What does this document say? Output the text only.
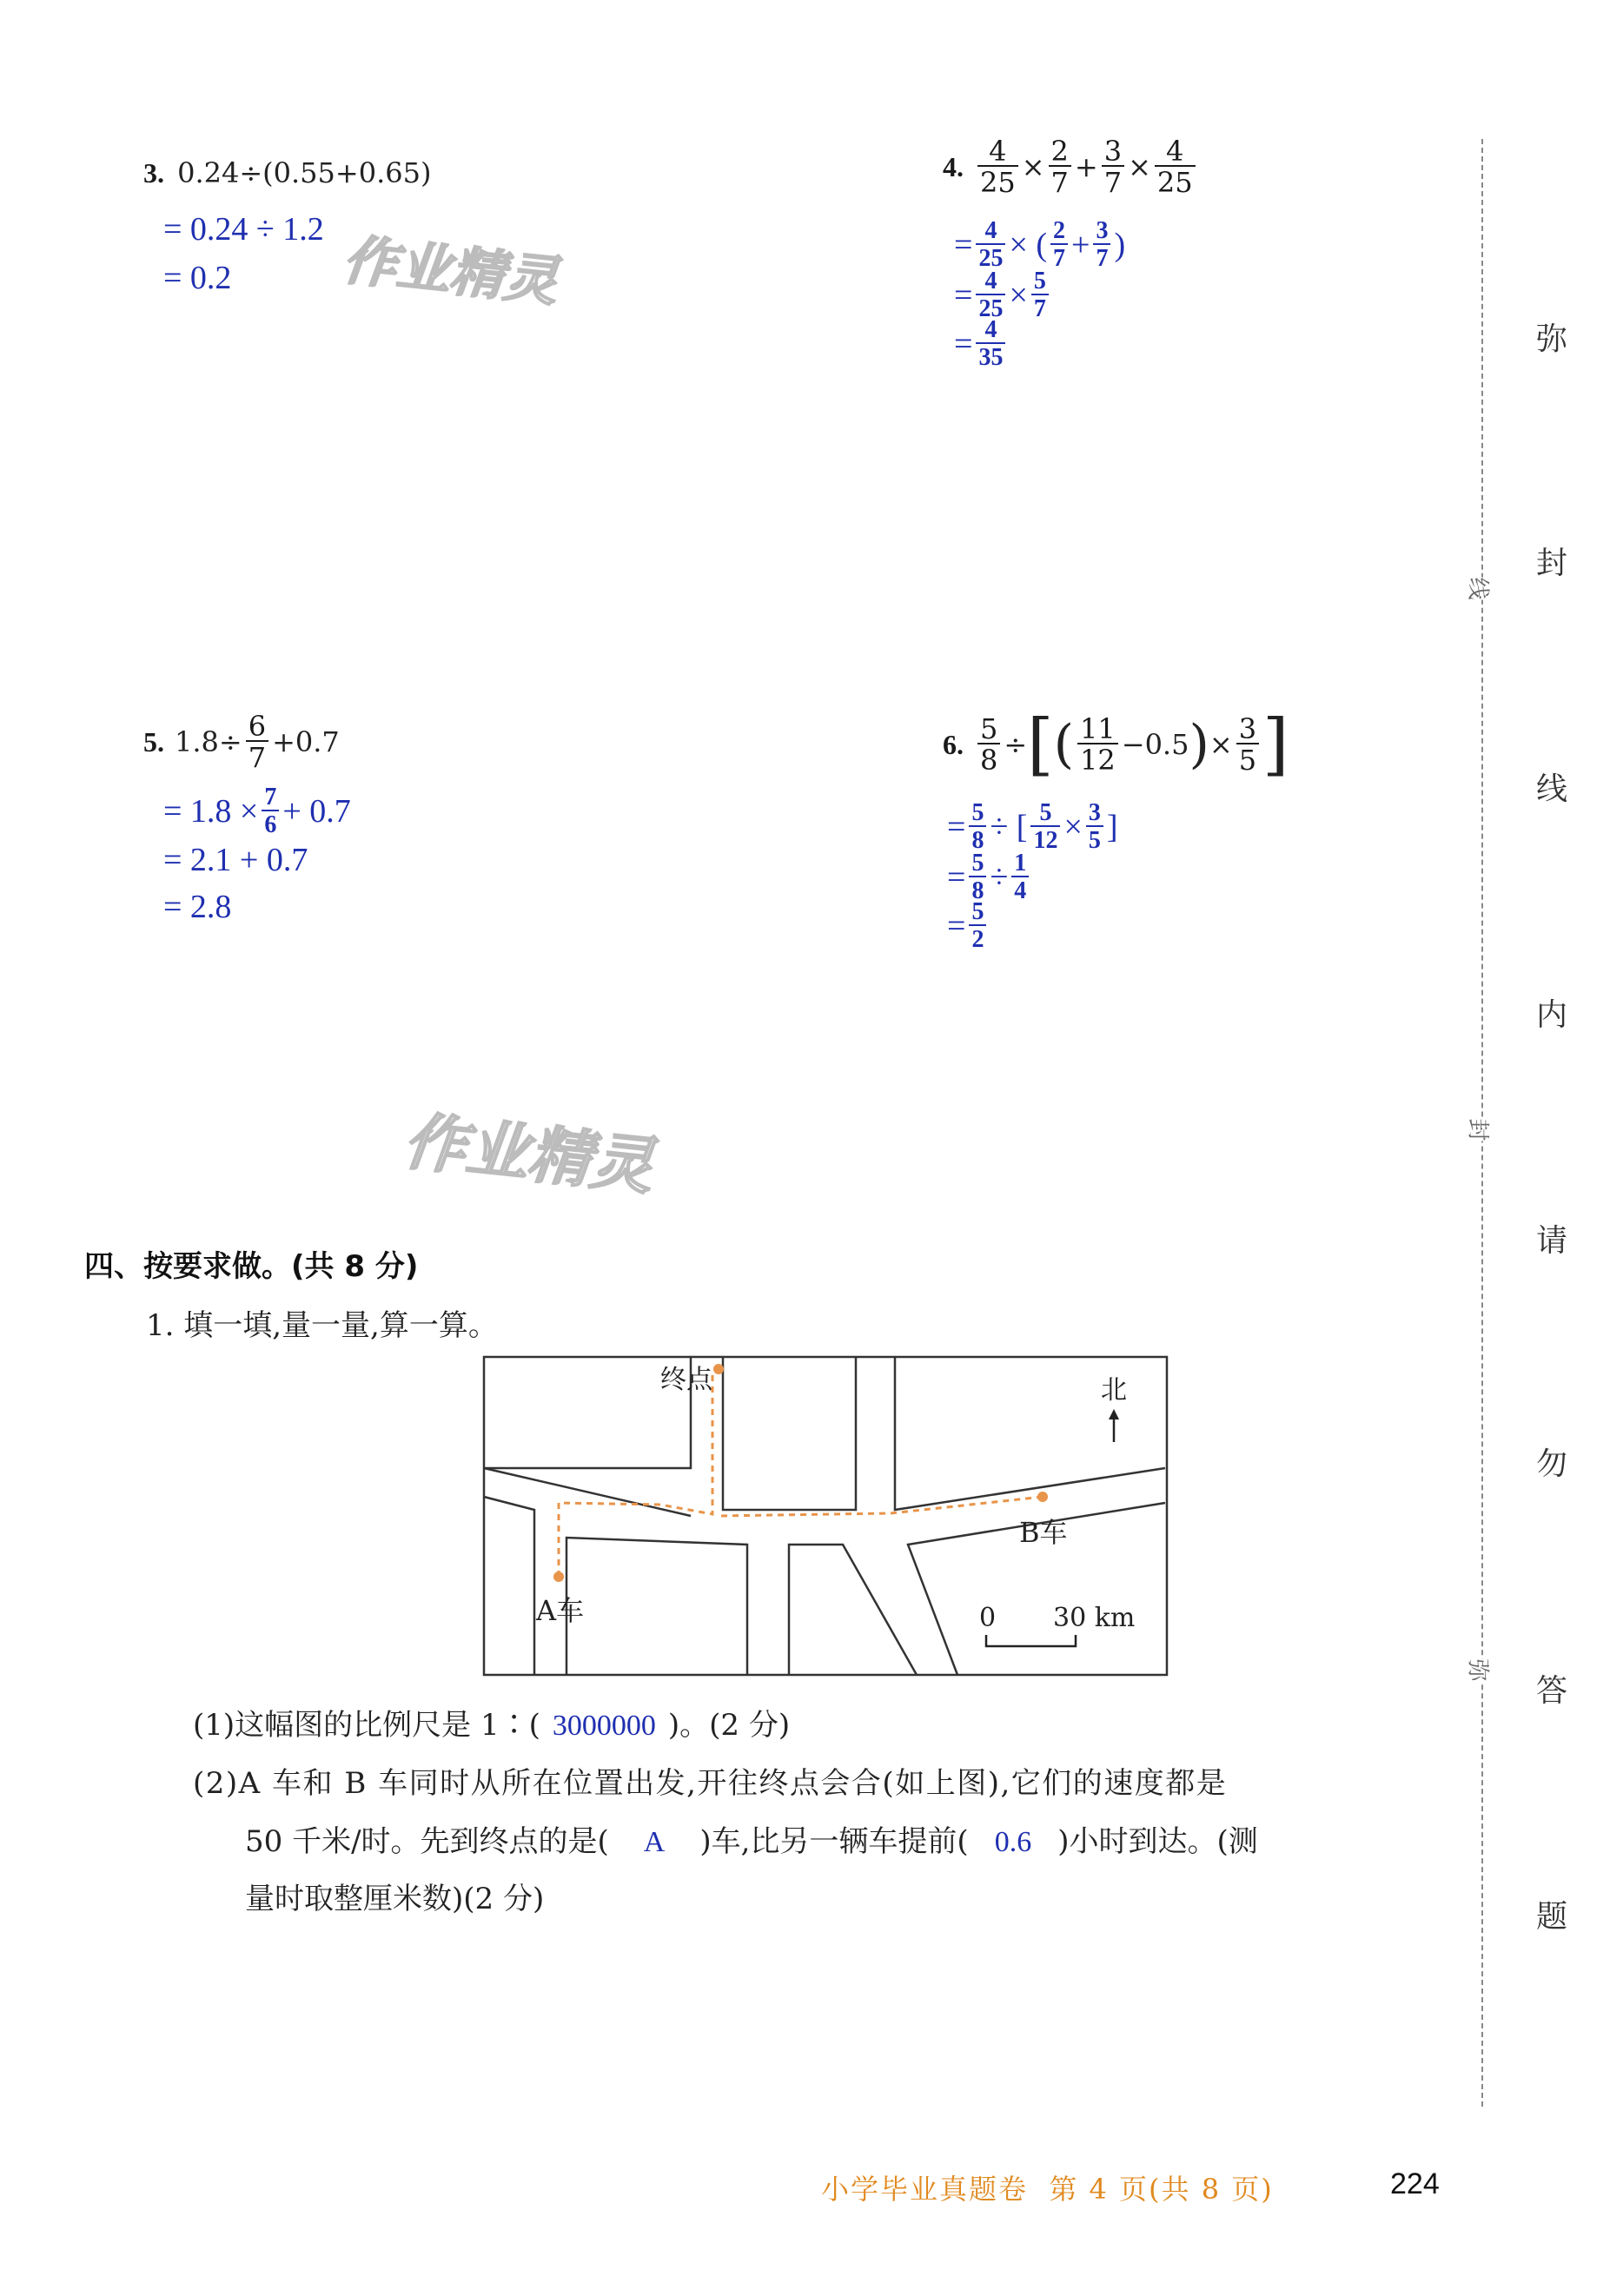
作业精灵
作业精灵
3. 0.24÷(0.55+0.65)
= 0.24 ÷ 1.2
= 0.2
4. $\frac{4}{25} \times \frac{2}{7} + \frac{3}{7} \times \frac{4}{25}$
= $\frac{4}{25}$ × ( $\frac{2}{7} + \frac{3}{7}$ )
= $\frac{4}{25} \times \frac{5}{7}$
= $\frac{4}{35}$
5. $1.8\div \frac{6}{7} +0.7$
= $1.8 \times \frac{7}{6} + 0.7$
= 2.1 + 0.7
= 2.8
6. $\frac{5}{8}$ ÷ [ ( $\frac{11}{12} -0.5$ ) × $\frac{3}{5}$ ]
= $\frac{5}{8}$ ÷ [ $\frac{5}{12} \times \frac{3}{5}$ ]
= $\frac{5}{8} \div \frac{1}{4}$
= $\frac{5}{2}$
四、按要求做。(共 8 分)
1. 填一填,量一量,算一算。
终点	北
A车
B车
0 30 km
(1)这幅图的比例尺是 1∶( 3000000 )。(2 分)
(2)A 车和 B 车同时从所在位置出发,开往终点会合(如上图),它们的速度都是
50 千米/时。先到终点的是( A )车,比另一辆车提前( 0.6 )小时到达。(测
量时取整厘米数)(2 分)
线
封
弥
弥
封
线
内
请
勿
答
题
小学毕业真题卷  第 4 页(共 8 页)	224
